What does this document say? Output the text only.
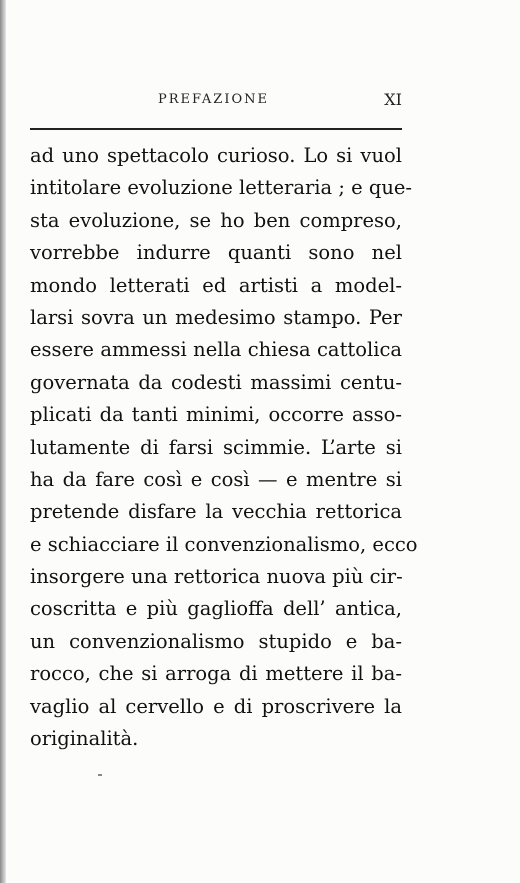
PREFAZIONE	XI
ad uno spettacolo curioso. Lo si vuol
intitolare evoluzione letteraria ; e que-
sta evoluzione, se ho ben compreso,
vorrebbe indurre quanti sono nel
mondo letterati ed artisti a model-
larsi sovra un medesimo stampo. Per
essere ammessi nella chiesa cattolica
governata da codesti massimi centu-
plicati da tanti minimi, occorre asso-
lutamente di farsi scimmie. L’arte si
ha da fare così e così — e mentre si
pretende disfare la vecchia rettorica
e schiacciare il convenzionalismo, ecco
insorgere una rettorica nuova più cir-
coscritta e più gaglioffa dell’ antica,
un convenzionalismo stupido e ba-
rocco, che si arroga di mettere il ba-
vaglio al cervello e di proscrivere la
originalità.
